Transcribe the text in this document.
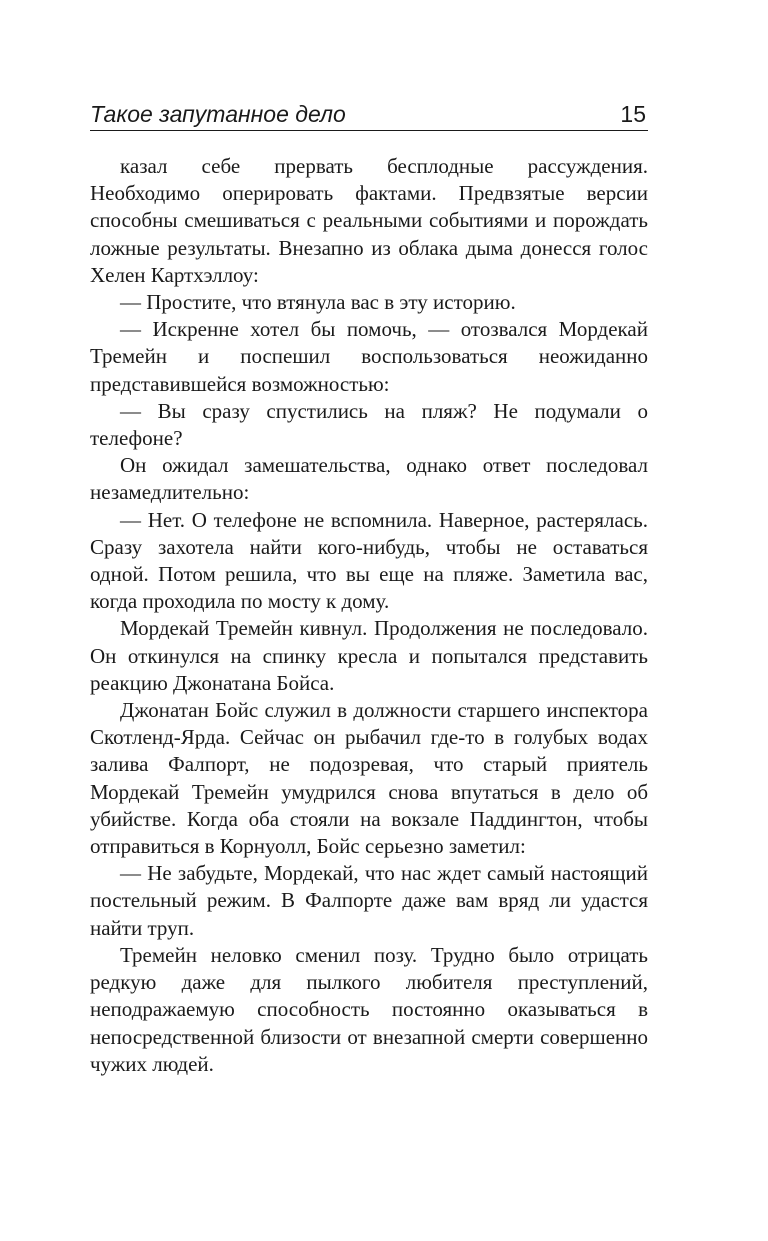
Такое запутанное дело	15

казал себе прервать бесплодные рассуждения. Необходимо оперировать фактами. Предвзятые версии способны смешиваться с реальными событиями и порождать ложные результаты. Внезапно из облака дыма донесся голос Хелен Картхэллоу:

— Простите, что втянула вас в эту историю.

— Искренне хотел бы помочь, — отозвался Мордекай Тремейн и поспешил воспользоваться неожиданно представившейся возможностью:

— Вы сразу спустились на пляж? Не подумали о телефоне?

Он ожидал замешательства, однако ответ последовал незамедлительно:

— Нет. О телефоне не вспомнила. Наверное, растерялась. Сразу захотела найти кого-нибудь, чтобы не оставаться одной. Потом решила, что вы еще на пляже. Заметила вас, когда проходила по мосту к дому.

Мордекай Тремейн кивнул. Продолжения не последовало. Он откинулся на спинку кресла и попытался представить реакцию Джонатана Бойса.

Джонатан Бойс служил в должности старшего инспектора Скотленд-Ярда. Сейчас он рыбачил где-то в голубых водах залива Фалпорт, не подозревая, что старый приятель Мордекай Тремейн умудрился снова впутаться в дело об убийстве. Когда оба стояли на вокзале Паддингтон, чтобы отправиться в Корнуолл, Бойс серьезно заметил:

— Не забудьте, Мордекай, что нас ждет самый настоящий постельный режим. В Фалпорте даже вам вряд ли удастся найти труп.

Тремейн неловко сменил позу. Трудно было отрицать редкую даже для пылкого любителя преступлений, неподражаемую способность постоянно оказываться в непосредственной близости от внезапной смерти совершенно чужих людей.
